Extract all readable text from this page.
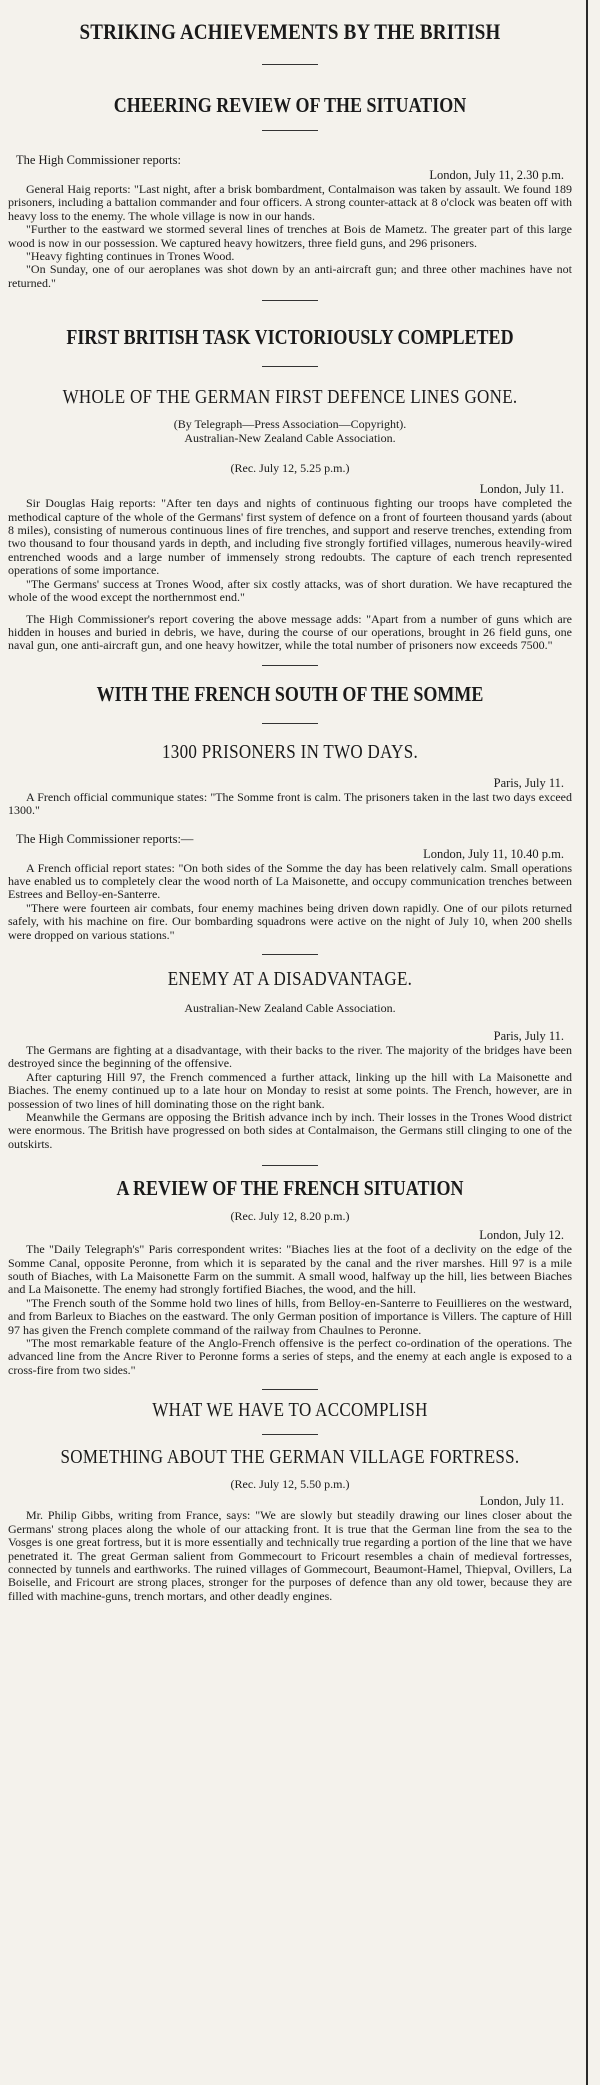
STRIKING ACHIEVEMENTS BY THE BRITISH
CHEERING REVIEW OF THE SITUATION
The High Commissioner reports:
London, July 11, 2.30 p.m.

General Haig reports: "Last night, after a brisk bombardment, Contalmaison was taken by assault. We found 189 prisoners, including a battalion commander and four officers. A strong counter-attack at 8 o'clock was beaten off with heavy loss to the enemy. The whole village is now in our hands.

"Further to the eastward we stormed several lines of trenches at Bois de Mametz. The greater part of this large wood is now in our possession. We captured heavy howitzers, three field guns, and 296 prisoners.

"Heavy fighting continues in Trones Wood.

"On Sunday, one of our aeroplanes was shot down by an anti-aircraft gun; and three other machines have not returned."

FIRST BRITISH TASK VICTORIOUSLY COMPLETED
WHOLE OF THE GERMAN FIRST DEFENCE LINES GONE.
(By Telegraph—Press Association—Copyright).
Australian-New Zealand Cable Association.
(Rec. July 12, 5.25 p.m.)
London, July 11.

Sir Douglas Haig reports: "After ten days and nights of continuous fighting our troops have completed the methodical capture of the whole of the Germans' first system of defence on a front of fourteen thousand yards (about 8 miles), consisting of numerous continuous lines of fire trenches, and support and reserve trenches, extending from two thousand to four thousand yards in depth, and including five strongly fortified villages, numerous heavily-wired entrenched woods and a large number of immensely strong redoubts. The capture of each trench represented operations of some importance.

"The Germans' success at Trones Wood, after six costly attacks, was of short duration. We have recaptured the whole of the wood except the northernmost end."

The High Commissioner's report covering the above message adds: "Apart from a number of guns which are hidden in houses and buried in debris, we have, during the course of our operations, brought in 26 field guns, one naval gun, one anti-aircraft gun, and one heavy howitzer, while the total number of prisoners now exceeds 7500."

WITH THE FRENCH SOUTH OF THE SOMME
1300 PRISONERS IN TWO DAYS.
Paris, July 11.

A French official communique states: "The Somme front is calm. The prisoners taken in the last two days exceed 1300."

The High Commissioner reports:—
London, July 11, 10.40 p.m.

A French official report states: "On both sides of the Somme the day has been relatively calm. Small operations have enabled us to completely clear the wood north of La Maisonette, and occupy communication trenches between Estrees and Belloy-en-Santerre.

"There were fourteen air combats, four enemy machines being driven down rapidly. One of our pilots returned safely, with his machine on fire. Our bombarding squadrons were active on the night of July 10, when 200 shells were dropped on various stations."

ENEMY AT A DISADVANTAGE.
Australian-New Zealand Cable Association.
Paris, July 11.

The Germans are fighting at a disadvantage, with their backs to the river. The majority of the bridges have been destroyed since the beginning of the offensive.

After capturing Hill 97, the French commenced a further attack, linking up the hill with La Maisonette and Biaches. The enemy continued up to a late hour on Monday to resist at some points. The French, however, are in possession of two lines of hill dominating those on the right bank.

Meanwhile the Germans are opposing the British advance inch by inch. Their losses in the Trones Wood district were enormous. The British have progressed on both sides at Contalmaison, the Germans still clinging to one of the outskirts.

A REVIEW OF THE FRENCH SITUATION
(Rec. July 12, 8.20 p.m.)
London, July 12.

The "Daily Telegraph's" Paris correspondent writes: "Biaches lies at the foot of a declivity on the edge of the Somme Canal, opposite Peronne, from which it is separated by the canal and the river marshes. Hill 97 is a mile south of Biaches, with La Maisonette Farm on the summit. A small wood, halfway up the hill, lies between Biaches and La Maisonette. The enemy had strongly fortified Biaches, the wood, and the hill.

"The French south of the Somme hold two lines of hills, from Belloy-en-Santerre to Feuillieres on the westward, and from Barleux to Biaches on the eastward. The only German position of importance is Villers. The capture of Hill 97 has given the French complete command of the railway from Chaulnes to Peronne.

"The most remarkable feature of the Anglo-French offensive is the perfect co-ordination of the operations. The advanced line from the Ancre River to Peronne forms a series of steps, and the enemy at each angle is exposed to a cross-fire from two sides."

WHAT WE HAVE TO ACCOMPLISH
SOMETHING ABOUT THE GERMAN VILLAGE FORTRESS.
(Rec. July 12, 5.50 p.m.)
London, July 11.

Mr. Philip Gibbs, writing from France, says: "We are slowly but steadily drawing our lines closer about the Germans' strong places along the whole of our attacking front. It is true that the German line from the sea to the Vosges is one great fortress, but it is more essentially and technically true regarding a portion of the line that we have penetrated it. The great German salient from Gommecourt to Fricourt resembles a chain of medieval fortresses, connected by tunnels and earthworks. The ruined villages of Gommecourt, Beaumont-Hamel, Thiepval, Ovillers, La Boiselle, and Fricourt are strong places, stronger for the purposes of defence than any old tower, because they are filled with machine-guns, trench mortars, and other deadly engines.
